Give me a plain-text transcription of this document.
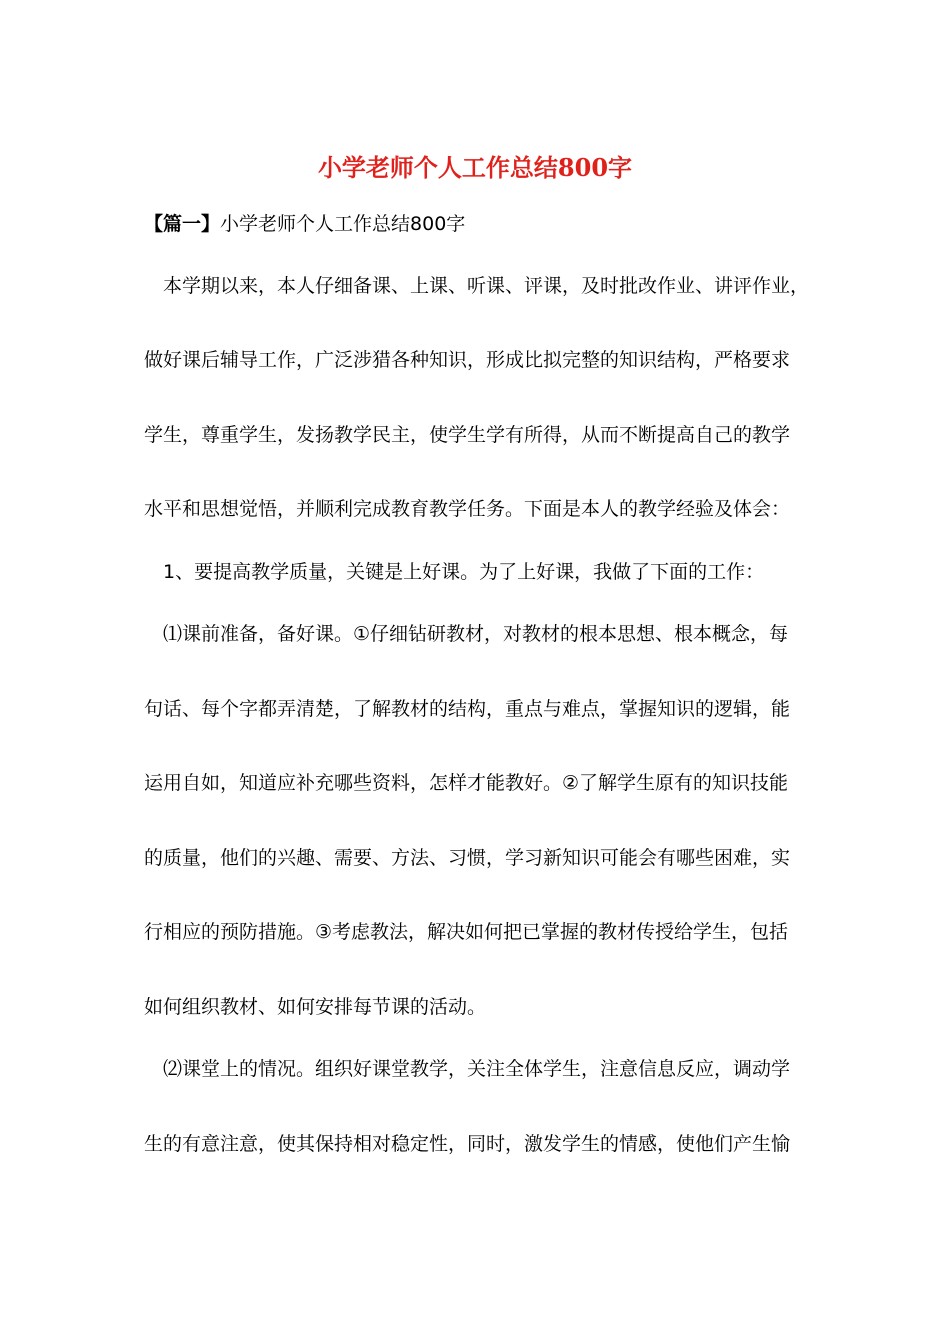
小学老师个人工作总结800字

【篇一】小学老师个人工作总结800字

本学期以来，本人仔细备课、上课、听课、评课，及时批改作业、讲评作业，

做好课后辅导工作，广泛涉猎各种知识，形成比拟完整的知识结构，严格要求

学生，尊重学生，发扬教学民主，使学生学有所得，从而不断提高自己的教学

水平和思想觉悟，并顺利完成教育教学任务。下面是本人的教学经验及体会：

1、要提高教学质量，关键是上好课。为了上好课，我做了下面的工作：

⑴课前准备，备好课。①仔细钻研教材，对教材的根本思想、根本概念，每

句话、每个字都弄清楚，了解教材的结构，重点与难点，掌握知识的逻辑，能

运用自如，知道应补充哪些资料，怎样才能教好。②了解学生原有的知识技能

的质量，他们的兴趣、需要、方法、习惯，学习新知识可能会有哪些困难，实

行相应的预防措施。③考虑教法，解决如何把已掌握的教材传授给学生，包括

如何组织教材、如何安排每节课的活动。

⑵课堂上的情况。组织好课堂教学，关注全体学生，注意信息反应，调动学

生的有意注意，使其保持相对稳定性，同时，激发学生的情感，使他们产生愉
